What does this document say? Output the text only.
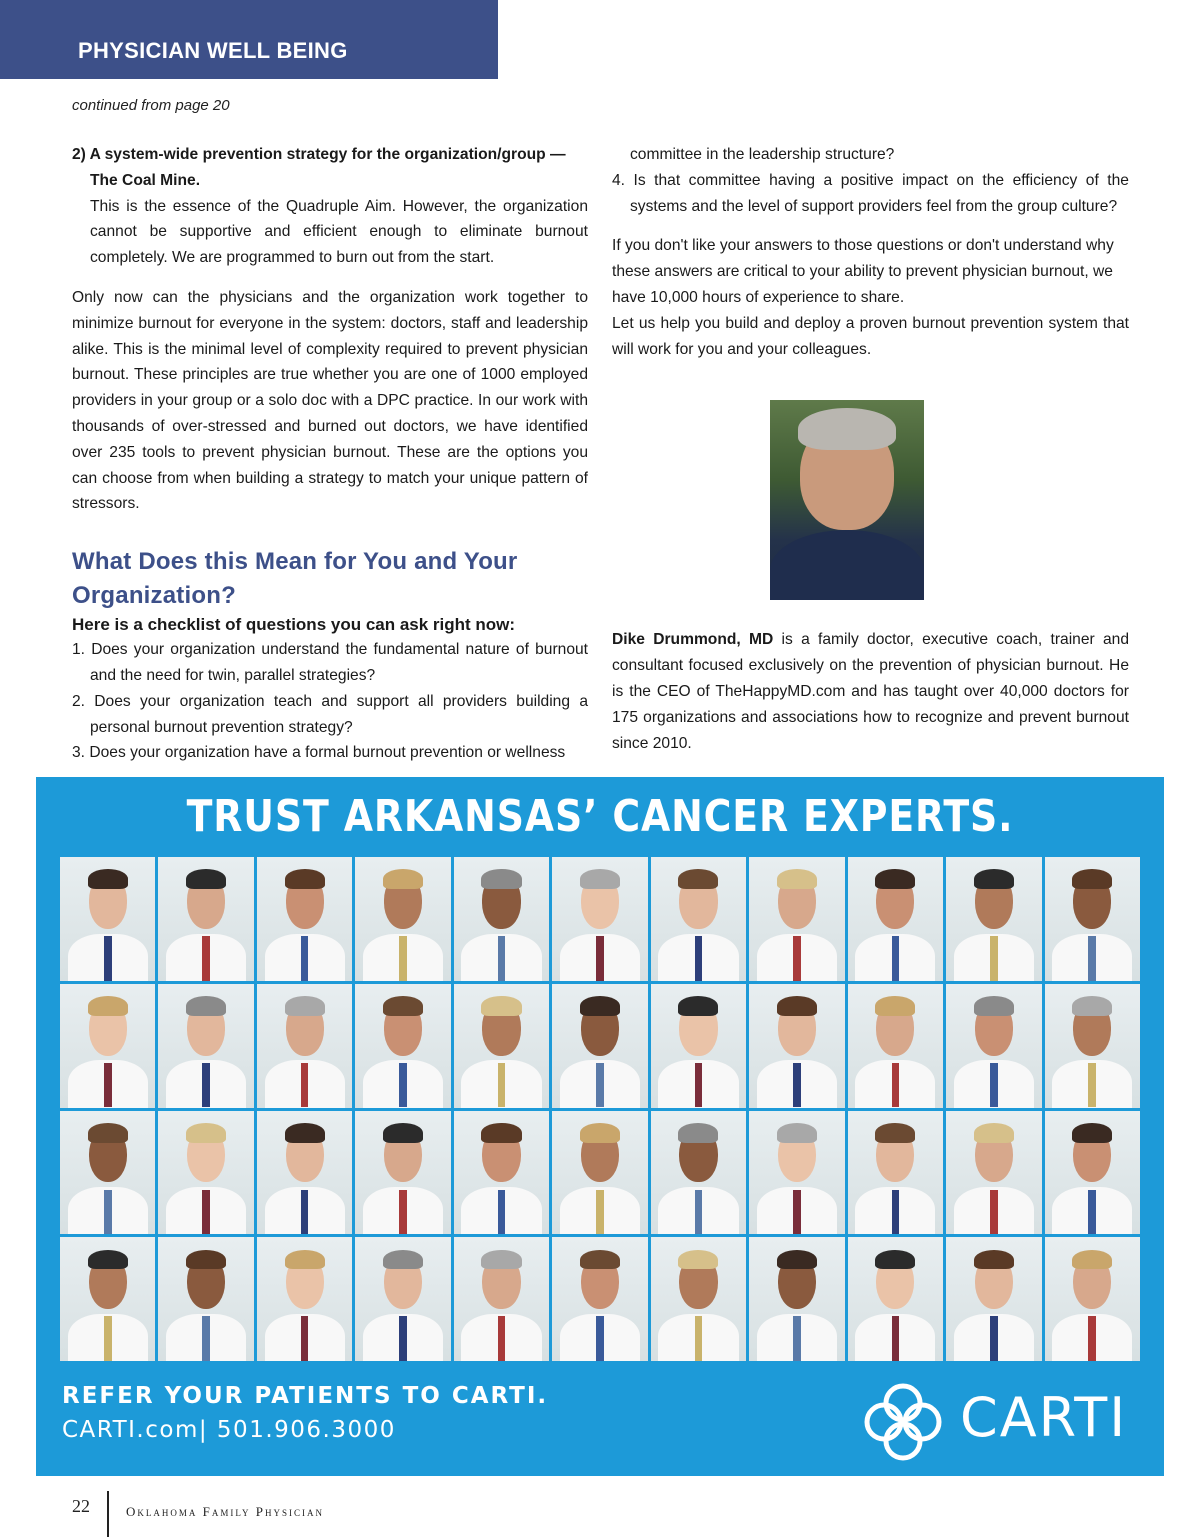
PHYSICIAN WELL BEING
continued from page 20
2) A system-wide prevention strategy for the organization/group —
The Coal Mine.
This is the essence of the Quadruple Aim. However, the organization cannot be supportive and efficient enough to eliminate burnout completely. We are programmed to burn out from the start.
Only now can the physicians and the organization work together to minimize burnout for everyone in the system: doctors, staff and leadership alike. This is the minimal level of complexity required to prevent physician burnout. These principles are true whether you are one of 1000 employed providers in your group or a solo doc with a DPC practice. In our work with thousands of over-stressed and burned out doctors, we have identified over 235 tools to prevent physician burnout. These are the options you can choose from when building a strategy to match your unique pattern of stressors.
What Does this Mean for You and Your Organization?
Here is a checklist of questions you can ask right now:
1. Does your organization understand the fundamental nature of burnout and the need for twin, parallel strategies?
2. Does your organization teach and support all providers building a personal burnout prevention strategy?
3. Does your organization have a formal burnout prevention or wellness
committee in the leadership structure?
4. Is that committee having a positive impact on the efficiency of the systems and the level of support providers feel from the group culture?
If you don't like your answers to those questions or don't understand why these answers are critical to your ability to prevent physician burnout, we have 10,000 hours of experience to share.
Let us help you build and deploy a proven burnout prevention system that will work for you and your colleagues.
Dike Drummond, MD is a family doctor, executive coach, trainer and consultant focused exclusively on the prevention of physician burnout. He is the CEO of TheHappyMD.com and has taught over 40,000 doctors for 175 organizations and associations how to recognize and prevent burnout since 2010.
TRUST ARKANSAS’ CANCER EXPERTS.
REFER YOUR PATIENTS TO CARTI.
CARTI.com| 501.906.3000	CARTI
22	Oklahoma Family Physician
